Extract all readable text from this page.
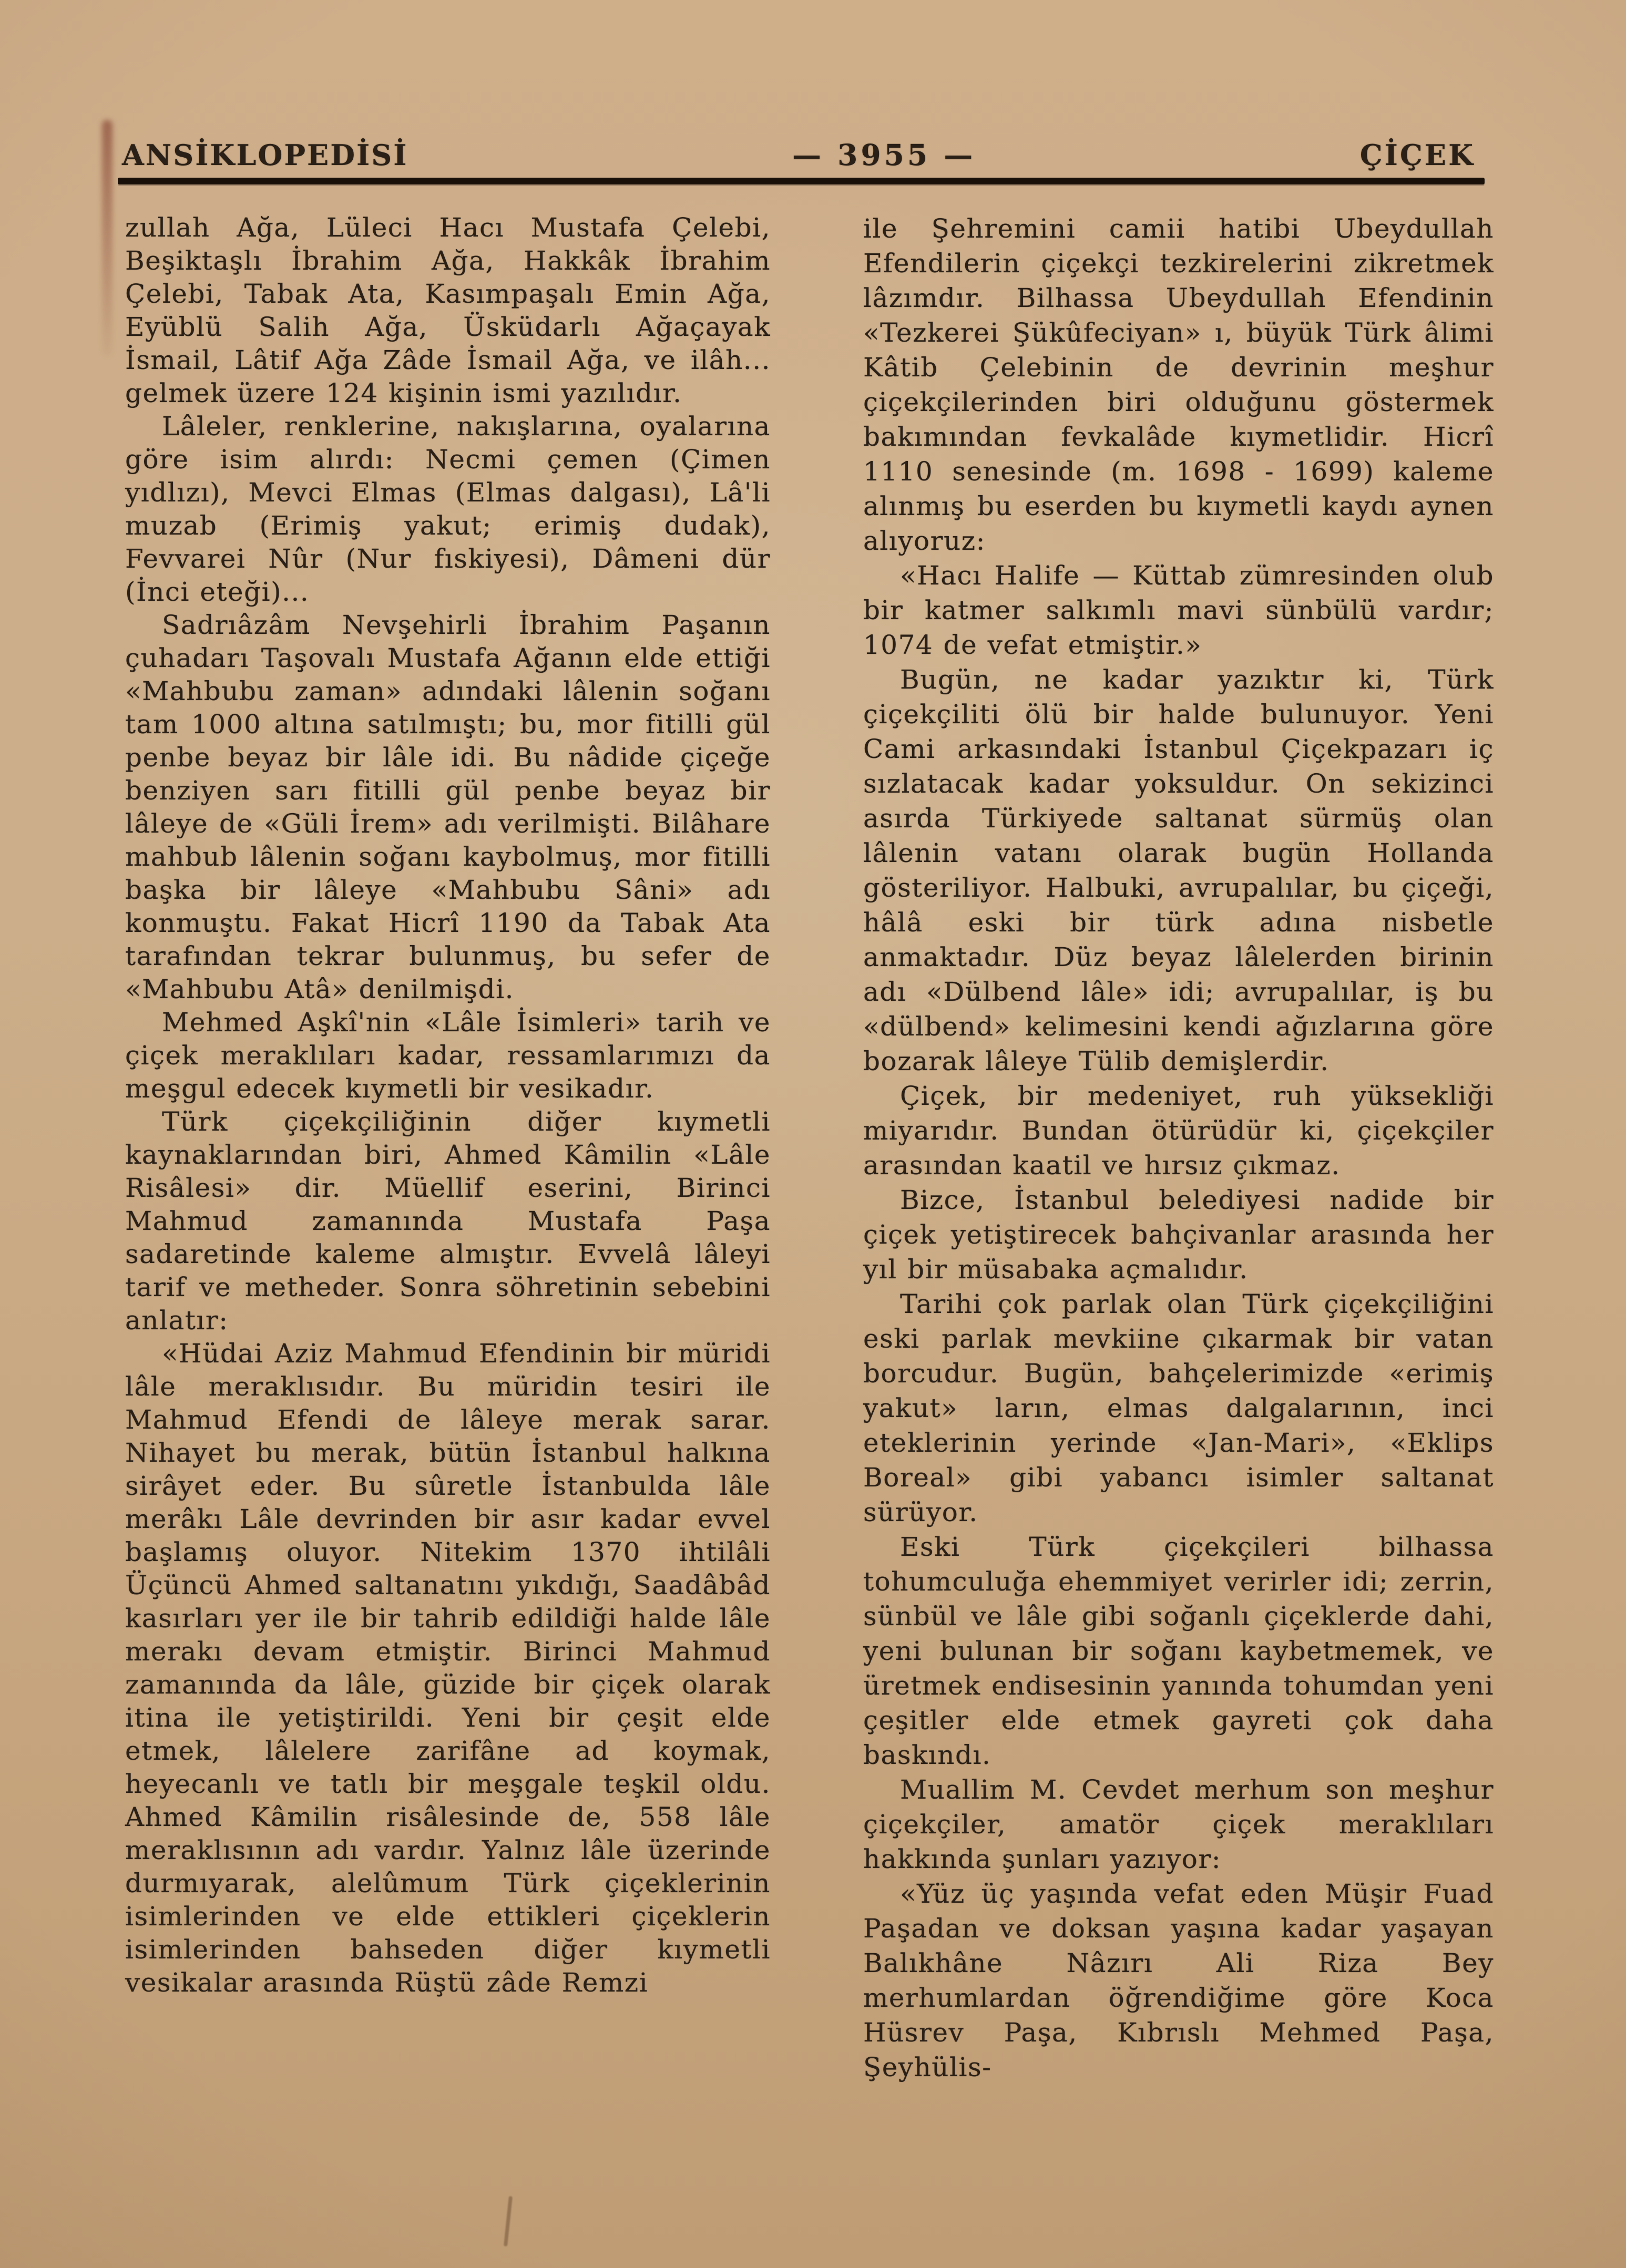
ANSİKLOPEDİSİ	— 3955 —	ÇİÇEK

zullah Ağa, Lüleci Hacı Mustafa Çelebi, Beşiktaşlı İbrahim Ağa, Hakkâk İbrahim Çelebi, Tabak Ata, Kasımpaşalı Emin Ağa, Eyüblü Salih Ağa, Üsküdarlı Ağaçayak İsmail, Lâtif Ağa Zâde İsmail Ağa, ve ilâh... gelmek üzere 124 kişinin ismi yazılıdır.

Lâleler, renklerine, nakışlarına, oyalarına göre isim alırdı: Necmi çemen (Çimen yıdlızı), Mevci Elmas (Elmas dalgası), Lâ'li muzab (Erimiş yakut; erimiş dudak), Fevvarei Nûr (Nur fıskiyesi), Dâmeni dür (İnci eteği)...

Sadrıâzâm Nevşehirli İbrahim Paşanın çuhadarı Taşovalı Mustafa Ağanın elde ettiği «Mahbubu zaman» adındaki lâlenin soğanı tam 1000 altına satılmıştı; bu, mor fitilli gül penbe beyaz bir lâle idi. Bu nâdide çiçeğe benziyen sarı fitilli gül penbe beyaz bir lâleye de «Güli İrem» adı verilmişti. Bilâhare mahbub lâlenin soğanı kaybolmuş, mor fitilli başka bir lâleye «Mahbubu Sâni» adı konmuştu. Fakat Hicrî 1190 da Tabak Ata tarafından tekrar bulunmuş, bu sefer de «Mahbubu Atâ» denilmişdi.

Mehmed Aşkî'nin «Lâle İsimleri» tarih ve çiçek meraklıları kadar, ressamlarımızı da meşgul edecek kıymetli bir vesikadır.

Türk çiçekçiliğinin diğer kıymetli kaynaklarından biri, Ahmed Kâmilin «Lâle Risâlesi» dir. Müellif eserini, Birinci Mahmud zamanında Mustafa Paşa sadaretinde kaleme almıştır. Evvelâ lâleyi tarif ve metheder. Sonra söhretinin sebebini anlatır:

«Hüdai Aziz Mahmud Efendinin bir müridi lâle meraklısıdır. Bu müridin tesiri ile Mahmud Efendi de lâleye merak sarar. Nihayet bu merak, bütün İstanbul halkına sirâyet eder. Bu sûretle İstanbulda lâle merâkı Lâle devrinden bir asır kadar evvel başlamış oluyor. Nitekim 1370 ihtilâli Üçüncü Ahmed saltanatını yıkdığı, Saadâbâd kasırları yer ile bir tahrib edildiği halde lâle merakı devam etmiştir. Birinci Mahmud zamanında da lâle, güzide bir çiçek olarak itina ile yetiştirildi. Yeni bir çeşit elde etmek, lâlelere zarifâne ad koymak, heyecanlı ve tatlı bir meşgale teşkil oldu. Ahmed Kâmilin risâlesinde de, 558 lâle meraklısının adı vardır. Yalnız lâle üzerinde durmıyarak, alelûmum Türk çiçeklerinin isimlerinden ve elde ettikleri çiçeklerin isimlerinden bahseden diğer kıymetli vesikalar arasında Rüştü zâde Remzi

ile Şehremini camii hatibi Ubeydullah Efendilerin çiçekçi tezkirelerini zikretmek lâzımdır. Bilhassa Ubeydullah Efendinin «Tezkerei Şükûfeciyan» ı, büyük Türk âlimi Kâtib Çelebinin de devrinin meşhur çiçekçilerinden biri olduğunu göstermek bakımından fevkalâde kıymetlidir. Hicrî 1110 senesinde (m. 1698 - 1699) kaleme alınmış bu eserden bu kıymetli kaydı aynen alıyoruz:

«Hacı Halife — Küttab zümresinden olub bir katmer salkımlı mavi sünbülü vardır; 1074 de vefat etmiştir.»

Bugün, ne kadar yazıktır ki, Türk çiçekçiliti ölü bir halde bulunuyor. Yeni Cami arkasındaki İstanbul Çiçekpazarı iç sızlatacak kadar yoksuldur. On sekizinci asırda Türkiyede saltanat sürmüş olan lâlenin vatanı olarak bugün Hollanda gösteriliyor. Halbuki, avrupalılar, bu çiçeği, hâlâ eski bir türk adına nisbetle anmaktadır. Düz beyaz lâlelerden birinin adı «Dülbend lâle» idi; avrupalılar, iş bu «dülbend» kelimesini kendi ağızlarına göre bozarak lâleye Tülib demişlerdir.

Çiçek, bir medeniyet, ruh yüksekliği miyarıdır. Bundan ötürüdür ki, çiçekçiler arasından kaatil ve hırsız çıkmaz.

Bizce, İstanbul belediyesi nadide bir çiçek yetiştirecek bahçivanlar arasında her yıl bir müsabaka açmalıdır.

Tarihi çok parlak olan Türk çiçekçiliğini eski parlak mevkiine çıkarmak bir vatan borcudur. Bugün, bahçelerimizde «erimiş yakut» ların, elmas dalgalarının, inci eteklerinin yerinde «Jan-Mari», «Eklips Boreal» gibi yabancı isimler saltanat sürüyor.

Eski Türk çiçekçileri bilhassa tohumculuğa ehemmiyet verirler idi; zerrin, sünbül ve lâle gibi soğanlı çiçeklerde dahi, yeni bulunan bir soğanı kaybetmemek, ve üretmek endisesinin yanında tohumdan yeni çeşitler elde etmek gayreti çok daha baskındı.

Muallim M. Cevdet merhum son meşhur çiçekçiler, amatör çiçek meraklıları hakkında şunları yazıyor:

«Yüz üç yaşında vefat eden Müşir Fuad Paşadan ve doksan yaşına kadar yaşayan Balıkhâne Nâzırı Ali Riza Bey merhumlardan öğrendiğime göre Koca Hüsrev Paşa, Kıbrıslı Mehmed Paşa, Şeyhülis-
